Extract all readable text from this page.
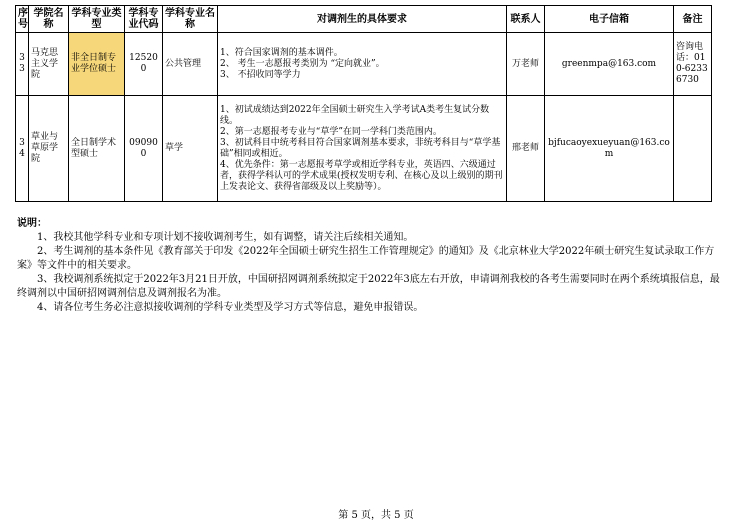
序号	学院名称	学科专业类型	学科专业代码	学科专业名称	对调剂生的具体要求	联系人	电子信箱	备注
33	马克思主义学院	非全日制专业学位硕士	125200	公共管理	1、符合国家调剂的基本调件。
2、 考生一志愿报考类别为 “定向就业”。
3、 不招收同等学力	万老师	greenmpa@163.com	咨询电话：010-62336730
34	草业与草原学院	全日制学术型硕士	090900	草学	1、初试成绩达到2022年全国硕士研究生入学考试A类考生复试分数线。
2、第一志愿报考专业与“草学”在同一学科门类范围内。
3、初试科目中统考科目符合国家调剂基本要求，非统考科目与“草学基础”相同或相近。
4、优先条件：第一志愿报考草学或相近学科专业，英语四、六级通过者，获得学科认可的学术成果(授权发明专利、在核心及以上级别的期刊上发表论文、获得省部级及以上奖励等）。	邢老师	bjfucaoyexueyuan@163.com	
说明：
1、我校其他学科专业和专项计划不接收调剂考生，如有调整，请关注后续相关通知。
2、考生调剂的基本条件见《教育部关于印发《2022年全国硕士研究生招生工作管理规定》的通知》及《北京林业大学2022年硕士研究生复试录取工作方案》等文件中的相关要求。
3、我校调剂系统拟定于2022年3月21日开放，中国研招网调剂系统拟定于2022年3底左右开放，申请调剂我校的各考生需要同时在两个系统填报信息，最终调剂以中国研招网调剂信息及调剂报名为准。
4、请各位考生务必注意拟接收调剂的学科专业类型及学习方式等信息，避免申报错误。
第 5 页，共 5 页
